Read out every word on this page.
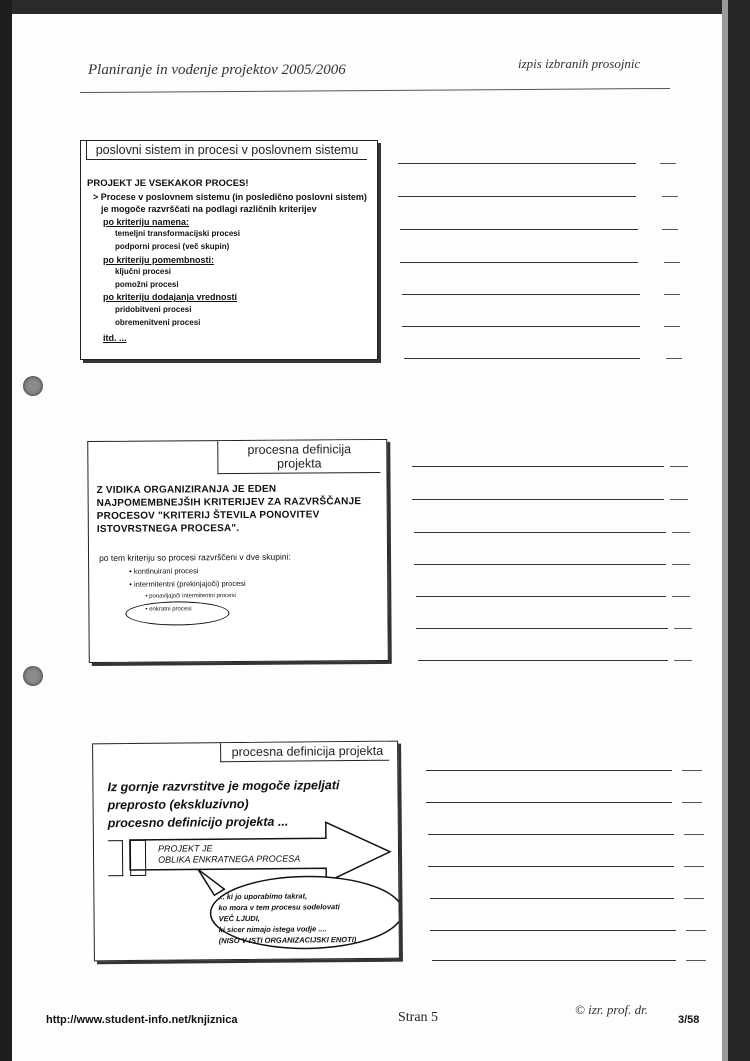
Planiranje in vodenje projektov 2005/2006	izpis izbranih prosojnic
poslovni sistem in procesi v poslovnem sistemu
PROJEKT JE VSEKAKOR PROCES!
> Procese v poslovnem sistemu (in posledično poslovni sistem)
je mogoče razvrščati na podlagi različnih kriterijev
po kriteriju namena:
temeljni transformacijski procesi
podporni procesi (več skupin)
po kriteriju pomembnosti:
ključni procesi
pomožni procesi
po kriteriju dodajanja vrednosti
pridobitveni procesi
obremenitveni procesi
itd. ...
procesna definicija projekta
Z VIDIKA ORGANIZIRANJA JE EDEN
NAJPOMEMBNEJŠIH KRITERIJEV ZA RAZVRŠČANJE
PROCESOV "KRITERIJ ŠTEVILA PONOVITEV
ISTOVRSTNEGA PROCESA".
po tem kriteriju so procesi razvrščeni v dve skupini:
• kontinuirani procesi
• intermitentni (prekinjajoči) procesi
• ponavljajoči intermitentni procesi
• enkratni procesi
procesna definicija projekta
Iz gornje razvrstitve je mogoče izpeljati
preprosto (ekskluzivno)
procesno definicijo projekta ...
PROJEKT JE
OBLIKA ENKRATNEGA PROCESA
... ki jo uporabimo takrat,
ko mora v tem procesu sodelovati
VEČ LJUDI,
ki sicer nimajo istega vodje ....
(NISO V ISTI ORGANIZACIJSKI ENOTI)
http://www.student-info.net/knjiznica	Stran 5
© izr. prof. dr.
3/58
